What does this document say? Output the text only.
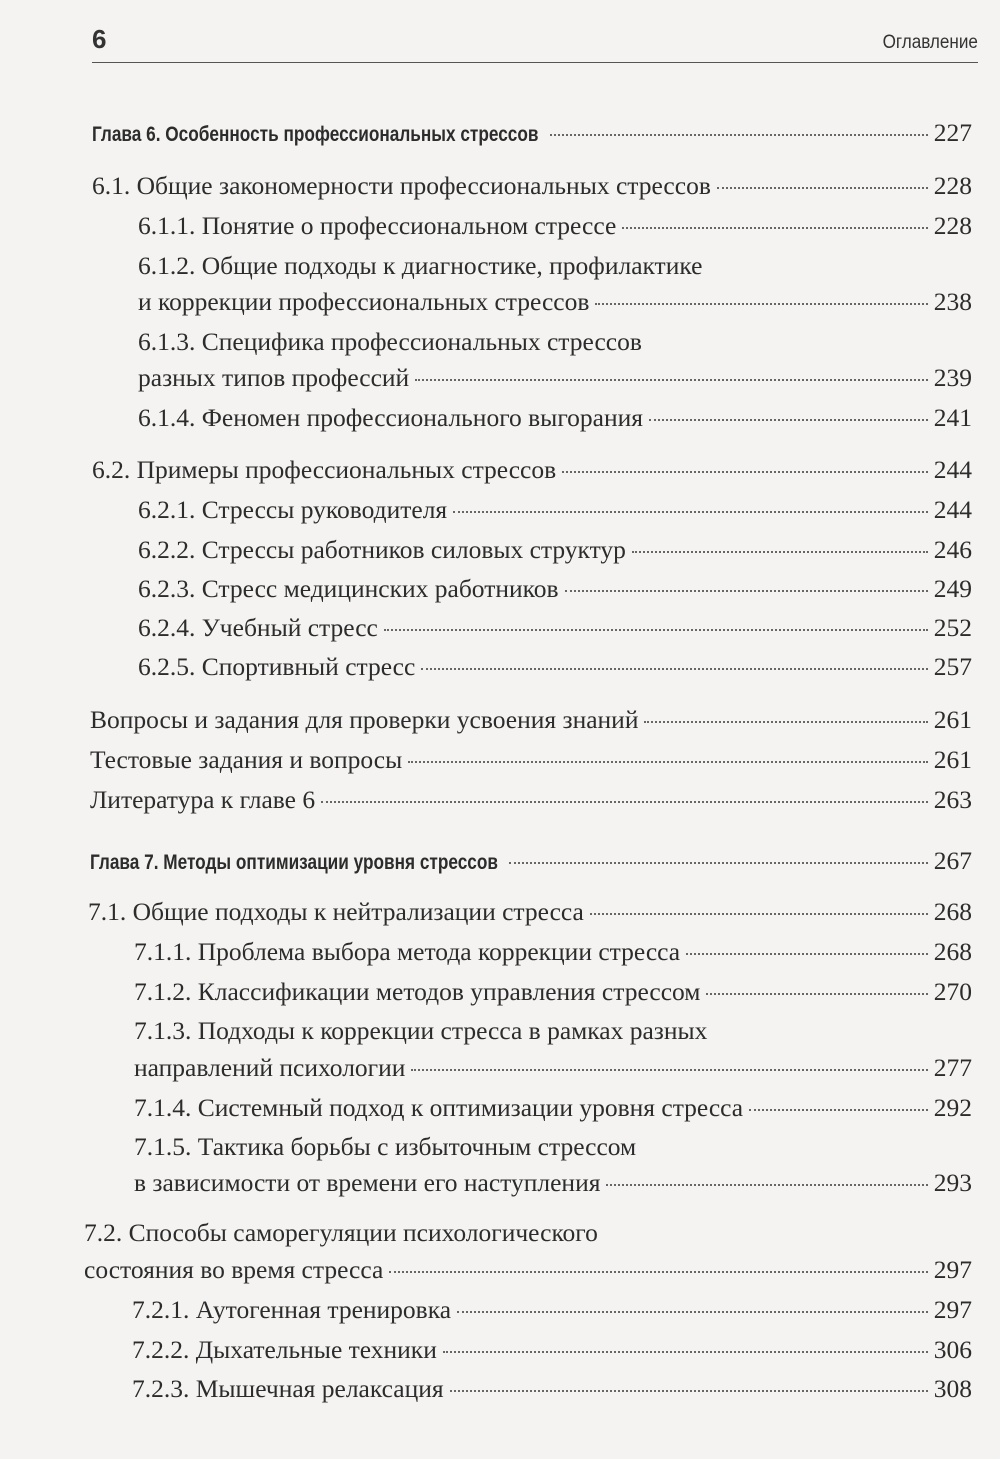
6	Оглавление
Глава 6. Особенность профессиональных стрессов	227
6.1. Общие закономерности профессиональных стрессов	228
6.1.1. Понятие о профессиональном стрессе	228
6.1.2. Общие подходы к диагностике, профилактике
и коррекции профессиональных стрессов	238
6.1.3. Специфика профессиональных стрессов
разных типов профессий	239
6.1.4. Феномен профессионального выгорания	241
6.2. Примеры профессиональных стрессов	244
6.2.1. Стрессы руководителя	244
6.2.2. Стрессы работников силовых структур	246
6.2.3. Стресс медицинских работников	249
6.2.4. Учебный стресс	252
6.2.5. Спортивный стресс	257
Вопросы и задания для проверки усвоения знаний	261
Тестовые задания и вопросы	261
Литература к главе 6	263
Глава 7. Методы оптимизации уровня стрессов	267
7.1. Общие подходы к нейтрализации стресса	268
7.1.1. Проблема выбора метода коррекции стресса	268
7.1.2. Классификации методов управления стрессом	270
7.1.3. Подходы к коррекции стресса в рамках разных
направлений психологии	277
7.1.4. Системный подход к оптимизации уровня стресса	292
7.1.5. Тактика борьбы с избыточным стрессом
в зависимости от времени его наступления	293
7.2. Способы саморегуляции психологического
состояния во время стресса	297
7.2.1. Аутогенная тренировка	297
7.2.2. Дыхательные техники	306
7.2.3. Мышечная релаксация	308
